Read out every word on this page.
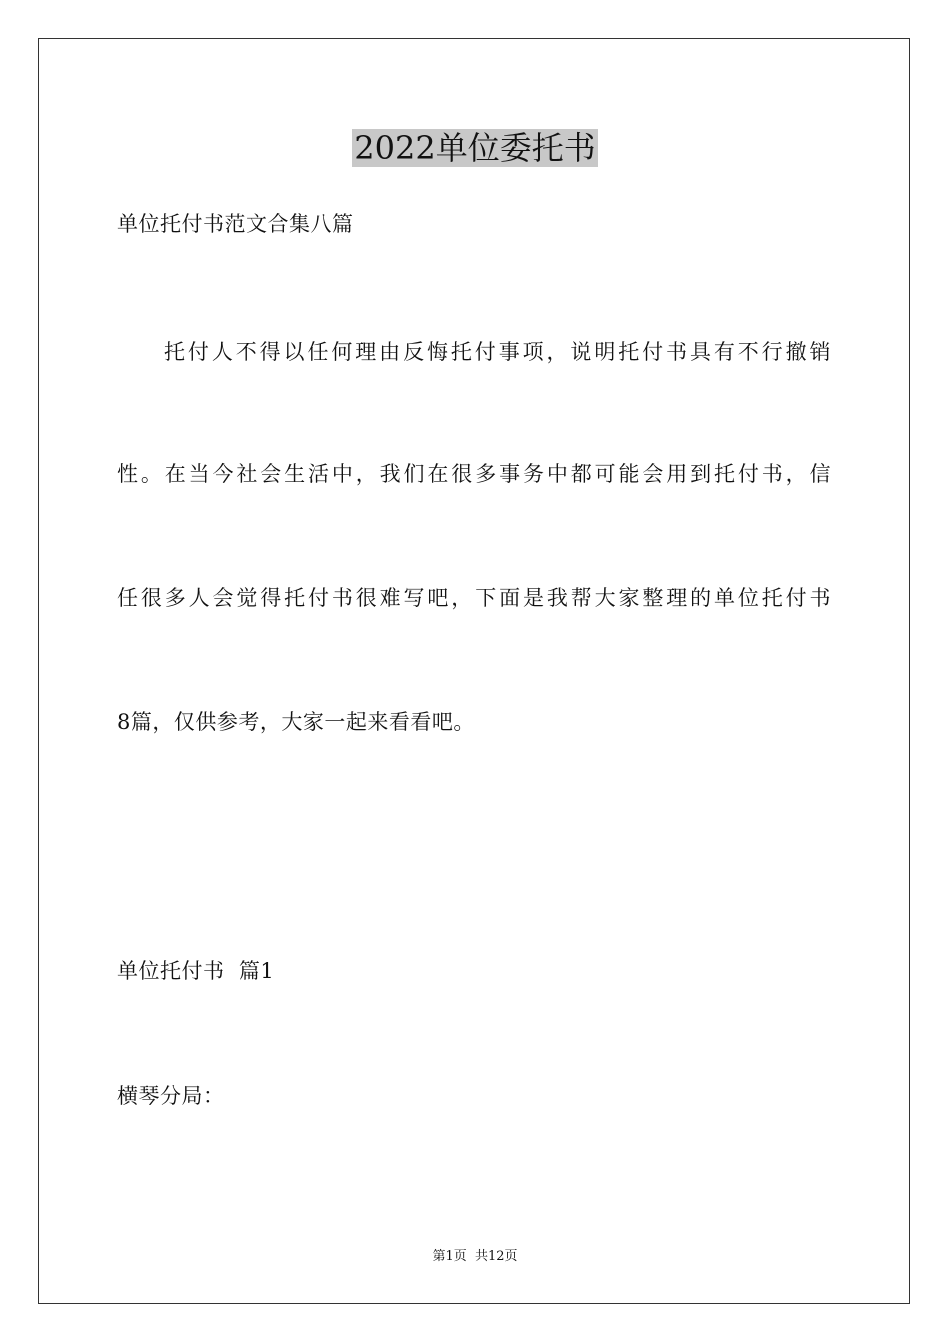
2022单位委托书
单位托付书范文合集八篇
托付人不得以任何理由反悔托付事项，说明托付书具有不行撤销
性。在当今社会生活中，我们在很多事务中都可能会用到托付书，信
任很多人会觉得托付书很难写吧，下面是我帮大家整理的单位托付书
8篇，仅供参考，大家一起来看看吧。
单位托付书  篇1
横琴分局：
第1页  共12页
